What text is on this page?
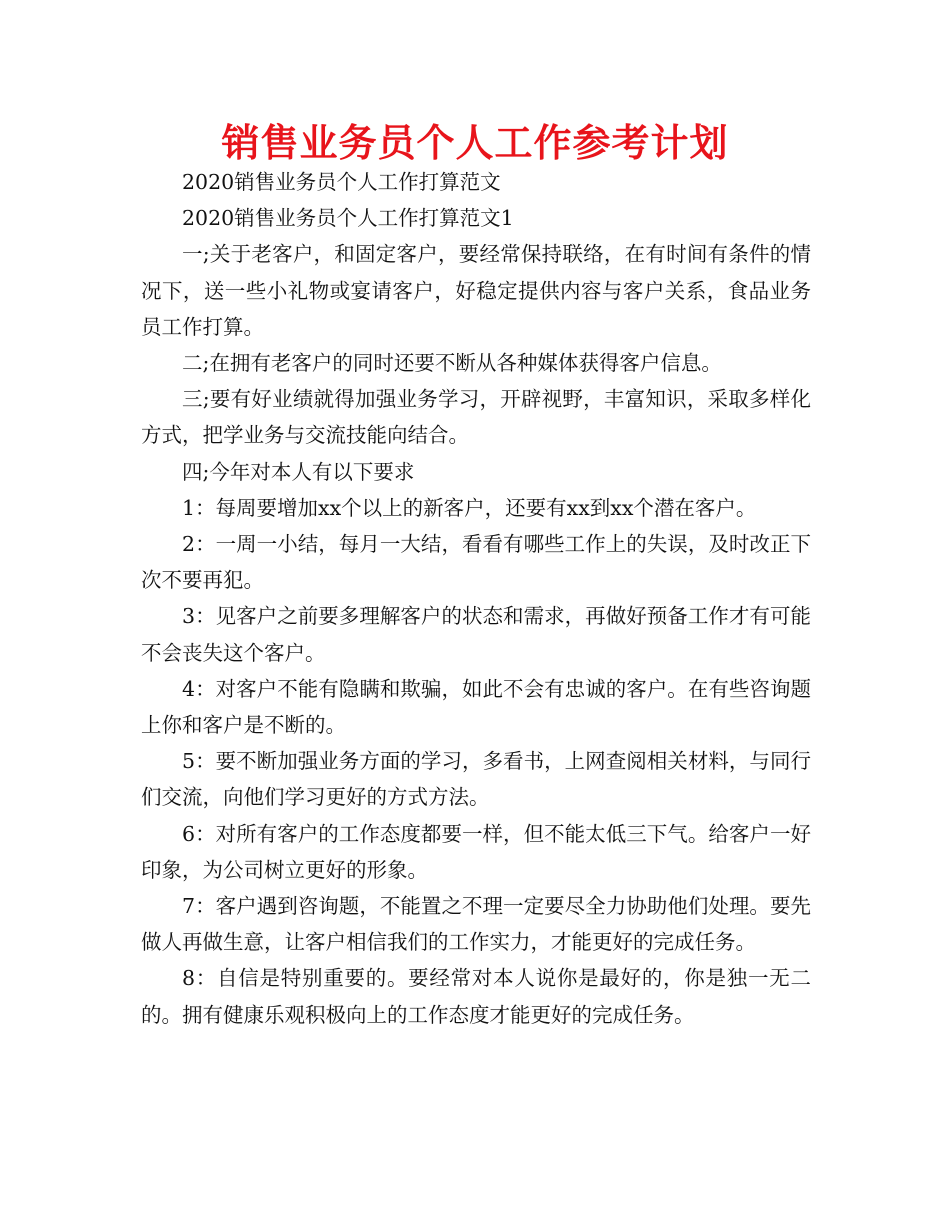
销售业务员个人工作参考计划

2020销售业务员个人工作打算范文

2020销售业务员个人工作打算范文1

一;关于老客户，和固定客户，要经常保持联络，在有时间有条件的情况下，送一些小礼物或宴请客户，好稳定提供内容与客户关系，食品业务员工作打算。

二;在拥有老客户的同时还要不断从各种媒体获得客户信息。

三;要有好业绩就得加强业务学习，开辟视野，丰富知识，采取多样化方式，把学业务与交流技能向结合。

四;今年对本人有以下要求

1：每周要增加xx个以上的新客户，还要有xx到xx个潜在客户。

2：一周一小结，每月一大结，看看有哪些工作上的失误，及时改正下次不要再犯。

3：见客户之前要多理解客户的状态和需求，再做好预备工作才有可能不会丧失这个客户。

4：对客户不能有隐瞒和欺骗，如此不会有忠诚的客户。在有些咨询题上你和客户是不断的。

5：要不断加强业务方面的学习，多看书，上网查阅相关材料，与同行们交流，向他们学习更好的方式方法。

6：对所有客户的工作态度都要一样，但不能太低三下气。给客户一好印象，为公司树立更好的形象。

7：客户遇到咨询题，不能置之不理一定要尽全力协助他们处理。要先做人再做生意，让客户相信我们的工作实力，才能更好的完成任务。

8：自信是特别重要的。要经常对本人说你是最好的，你是独一无二的。拥有健康乐观积极向上的工作态度才能更好的完成任务。
